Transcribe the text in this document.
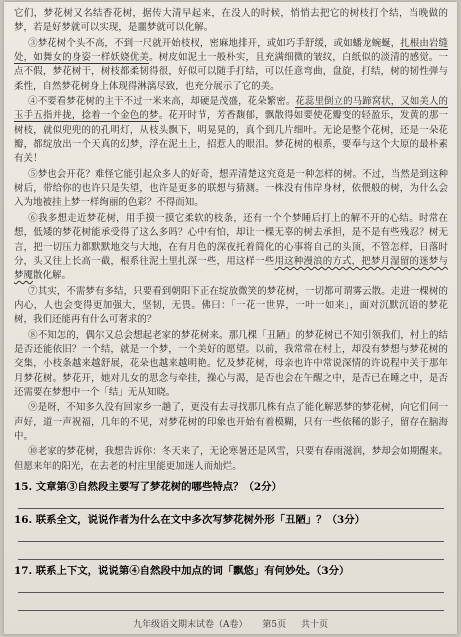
它们，梦花树又名结香花树，据传大清早起来，在没人的时候，悄悄去把它的树枝打个结，当晚做的梦，若是好梦就可以实现，是噩梦就可以化解。

③梦花树个头不高，不到一尺就开始枝杈，密麻地排开，或如巧手舒缓，或如蟠龙蜿蜒，扎根由岩缝处，如舞女的身姿一样妖娆优美。树皮如泥土一般朴实，且充满细微的皱纹，白纸似的淡清的感觉。一点不假，梦花树干，树枝都柔韧得很，好似可以随手打结，可以任意弯曲，盘旋，打结，树的韧性弹与柔性，自然梦花树身上体现得淋漓尽致，也充分展示了它的美。

④不要看梦花树的主干不过一米来高，却硬是茂盛，花朵繁密。花蕊里倒立的马蹄窝状，又如美人的玉手五指并拢，捻着一个金色的梦。花开时节，芳香馥郁，飘散得如要使花瓣变的轻盈乐，发黄的那一树枝，就似兜兜的的孔明灯，从枝头飘下，明晃晃的，真个到几片细叶。无论是整个花树，还是一朵花瓣，都绽放出一个天真的幻梦，浮在泥土上，招惹人的眼泪。梦花树的根系，要奉与这个大原的最朴素有关！

⑤梦也会开花？难怪它能引起众多人的好奇，想弄清楚这究竟是一种怎样的树。不过，当然是到这种树后，带给你的也许只是失望，也许是更多的联想与猜测。一株没有伟岸身材，依偎般的树，为什么会入为地被挂上梦一样绚丽的色彩？不得而知。

⑥我多想走近梦花树，用手摸一摸它柔软的枝条，还有一个个梦睡后打上的解不开的心结。时常在想，低矮的梦花树能承受得了这么多吗？心中有怕，却让一棵无辜的树去承担，是不是有些残忍？树无言，把一切压力都默默地交与大地，在有月色的深夜托着简化的心事将自己的头顶，不管怎样，日落时分，头又往上长高一截，根系往泥土里扎深一些，用这样一些用这种漫浪的方式，把梦月湿留的迷梦与梦魇散化解。

⑦其实，不需梦有多结，只要看到朝阳下正在绽放微笑的梦花树，一切都可谓雾云散。走进一棵树的内心，人也会变得更加强大，坚韧，无畏。佛曰：「一花一世界，一叶一如来」，面对沉默沉语的梦花树，我们还能再有什么可奢求的？

⑧不知怎的，偶尔又总会想起老家的梦花树来。那几棵「丑陋」的梦花树已不知引领我们，村上的结是否还能依旧？一个结，就是一个梦，一个美好的愿望。以前，我常常在村上，却没有梦想与梦花树的交集，小枝条越来越舒展，花朵也越来越明艳。忆及梦花树，母亲也许中常说深情的许说程中关于那年月梦花树。梦花开，她对儿女的思念与牵挂，操心与渴，是否也会在午醒之中，是否已在睡之中，是否还需要在梦想中一个「结」无从知晓。

⑨是呀，不知多久没有回家乡一趟了，更没有去寻找那几株有点了能化解恶梦的梦花树，向它们问一声好，道一声祝福，几年的不见，对梦花树的印象也开始有着模糊，只有一些依稀的影子，留存在脑海中。

⑩老家的梦花树，我想告诉你：冬天来了，无论寒暑还是风雪，只要有春雨滋润，梦却会如期醒来。但愿来年的阳光，在去老的村庄里能更加迷人而灿烂。

15. 文章第③自然段主要写了梦花树的哪些特点？（2分）
16. 联系全文，说说作者为什么在文中多次写梦花树外形「丑陋」？（3分）
17. 联系上下文，说说第④自然段中加点的词「飘悠」有何妙处。（3分）
九年级语文期末试卷（A卷） 第5页 共十页
